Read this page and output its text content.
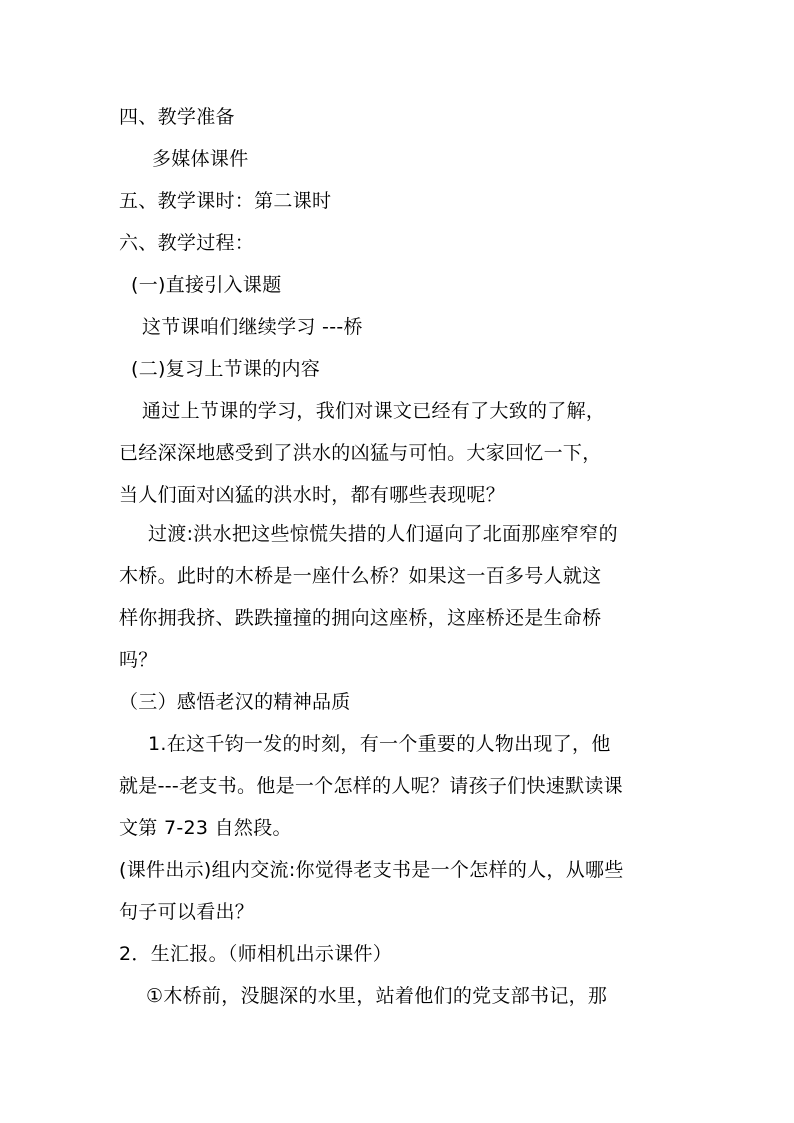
四、教学准备
多媒体课件
五、教学课时：第二课时
六、教学过程：
(一)直接引入课题
这节课咱们继续学习 ---桥
(二)复习上节课的内容
通过上节课的学习，我们对课文已经有了大致的了解，
已经深深地感受到了洪水的凶猛与可怕。大家回忆一下，
当人们面对凶猛的洪水时，都有哪些表现呢？
过渡:洪水把这些惊慌失措的人们逼向了北面那座窄窄的
木桥。此时的木桥是一座什么桥？如果这一百多号人就这
样你拥我挤、跌跌撞撞的拥向这座桥，这座桥还是生命桥
吗？
（三）感悟老汉的精神品质
1.在这千钧一发的时刻，有一个重要的人物出现了，他
就是---老支书。他是一个怎样的人呢？请孩子们快速默读课
文第 7-23 自然段。
(课件出示)组内交流:你觉得老支书是一个怎样的人，从哪些
句子可以看出？
2．生汇报。（师相机出示课件）
①木桥前，没腿深的水里，站着他们的党支部书记，那
